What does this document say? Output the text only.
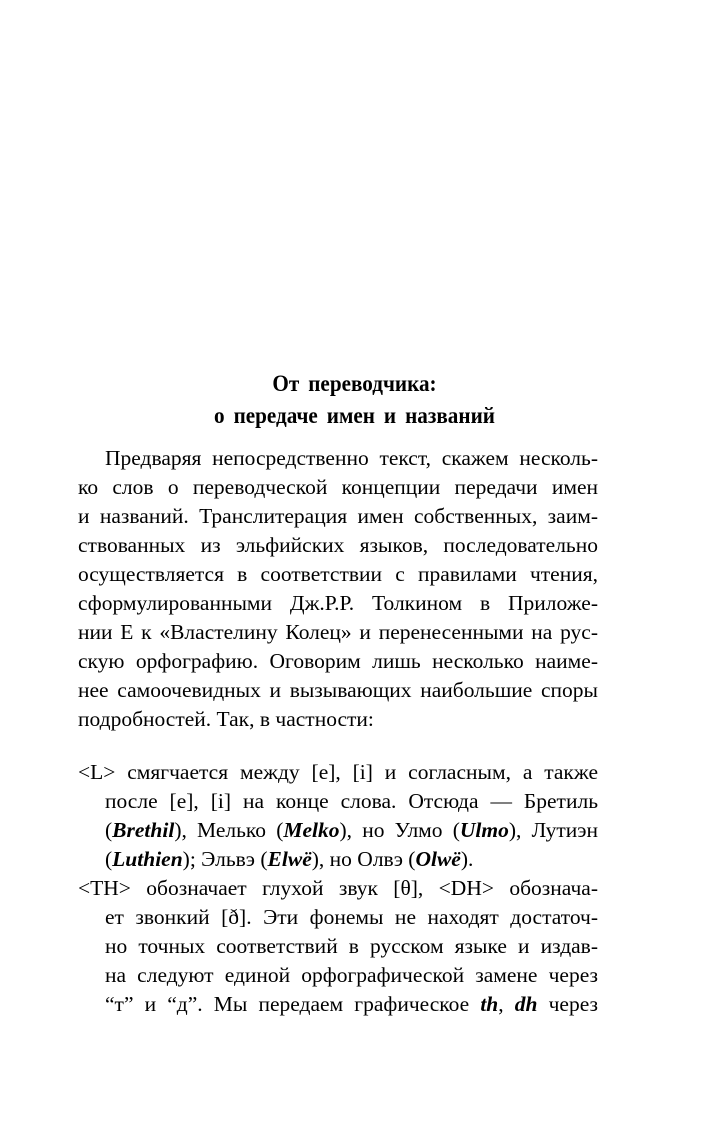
От переводчика:
о передаче имен и названий
Предваряя непосредственно текст, скажем несколь-
ко слов о переводческой концепции передачи имен
и названий. Транслитерация имен собственных, заим-
ствованных из эльфийских языков, последовательно
осуществляется в соответствии с правилами чтения,
сформулированными Дж.Р.Р. Толкином в Приложе-
нии Е к «Властелину Колец» и перенесенными на рус-
скую орфографию. Оговорим лишь несколько наиме-
нее самоочевидных и вызывающих наибольшие споры
подробностей. Так, в частности:
<L> смягчается между [e], [i] и согласным, а также
после [e], [i] на конце слова. Отсюда — Бретиль
(Brethil), Мелько (Melko), но Улмо (Ulmo), Лутиэн
(Luthien); Эльвэ (Elwë), но Олвэ (Olwë).
<TH> обозначает глухой звук [θ], <DH> обознача-
ет звонкий [ð]. Эти фонемы не находят достаточ-
но точных соответствий в русском языке и издав-
на следуют единой орфографической замене через
“т” и “д”. Мы передаем графическое th, dh через
